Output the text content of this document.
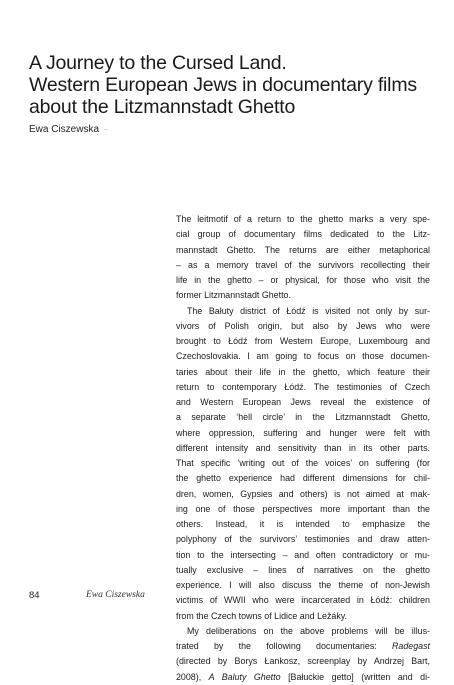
A Journey to the Cursed Land.
Western European Jews in documentary films
about the Litzmannstadt Ghetto
Ewa Ciszewska –
The leitmotif of a return to the ghetto marks a very spe-
cial group of documentary films dedicated to the Litz-
mannstadt Ghetto. The returns are either metaphorical
– as a memory travel of the survivors recollecting their
life in the ghetto – or physical, for those who visit the
former Litzmannstadt Ghetto.
The Bałuty district of Łódź is visited not only by sur-
vivors of Polish origin, but also by Jews who were
brought to Łódź from Western Europe, Luxembourg and
Czechoslovakia. I am going to focus on those documen-
taries about their life in the ghetto, which feature their
return to contemporary Łódź. The testimonies of Czech
and Western European Jews reveal the existence of
a separate ‘hell circle’ in the Litzmannstadt Ghetto,
where oppression, suffering and hunger were felt with
different intensity and sensitivity than in its other parts.
That specific ‘writing out of the voices’ on suffering (for
the ghetto experience had different dimensions for chil-
dren, women, Gypsies and others) is not aimed at mak-
ing one of those perspectives more important than the
others. Instead, it is intended to emphasize the
polyphony of the survivors’ testimonies and draw atten-
tion to the intersecting – and often contradictory or mu-
tually exclusive – lines of narratives on the ghetto
experience. I will also discuss the theme of non-Jewish
victims of WWII who were incarcerated in Łódź: children
from the Czech towns of Lidice and Ležáky.
My deliberations on the above problems will be illus-
trated by the following documentaries: Radegast
(directed by Borys Łankosz, screenplay by Andrzej Bart,
2008), A Baluty Ghetto [Bałuckie getto] (written and di-
84	Ewa Ciszewska
